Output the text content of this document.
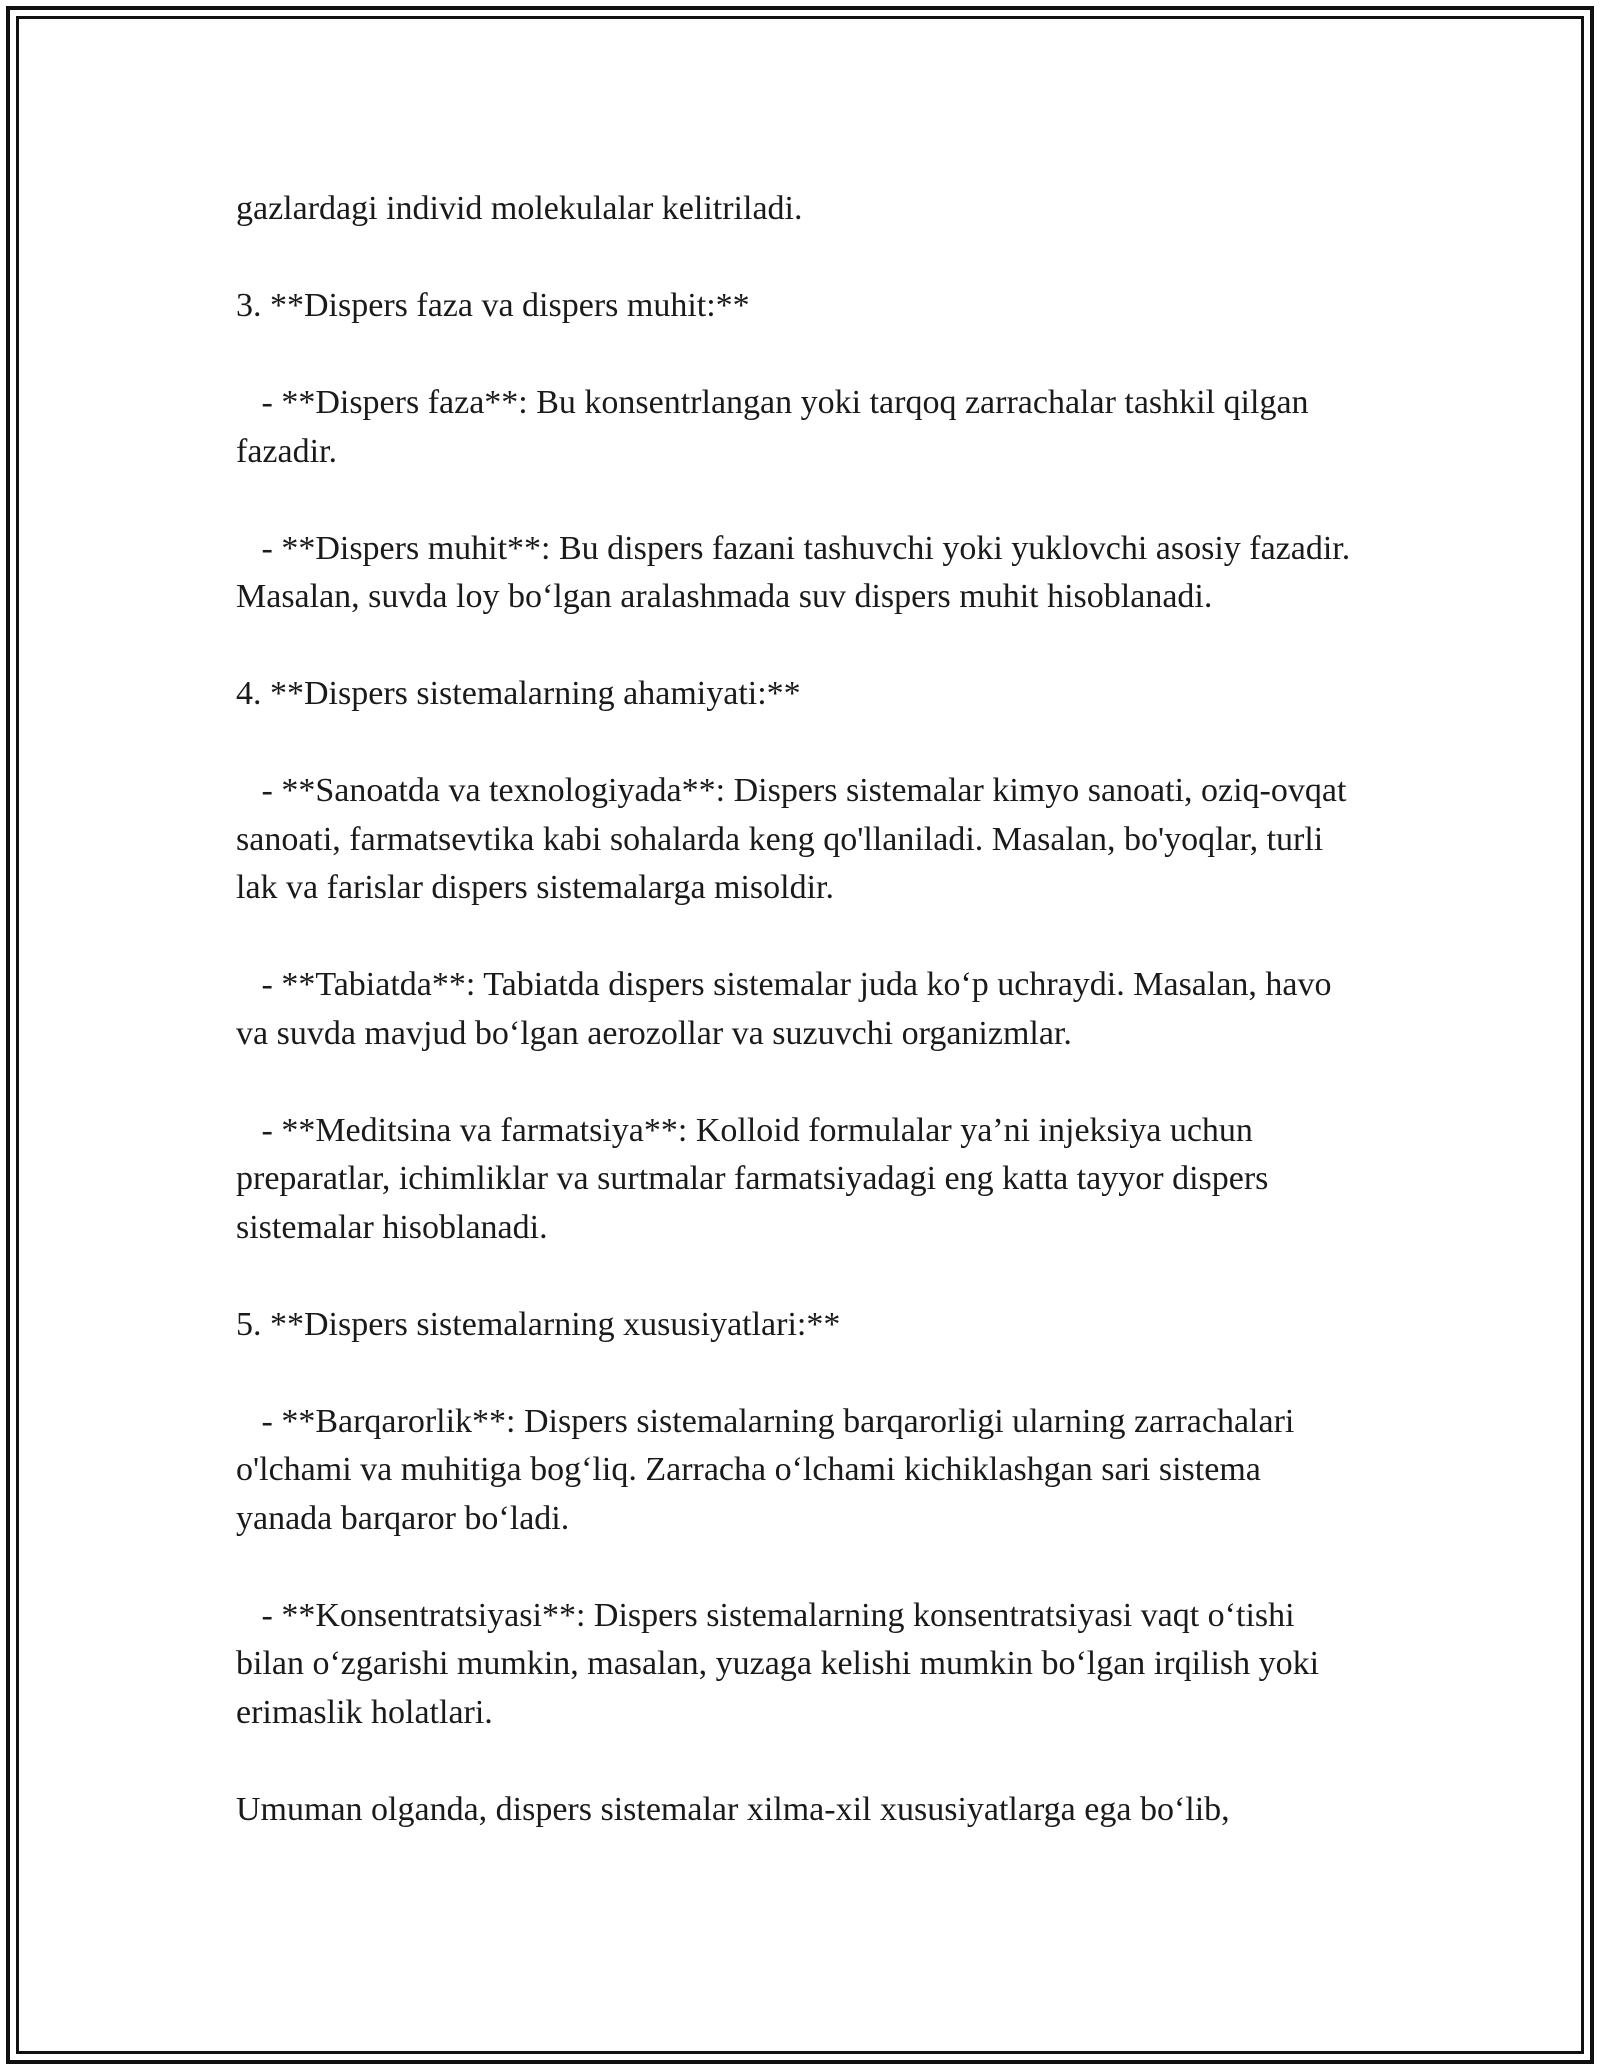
gazlardagi individ molekulalar kelitriladi.

3. **Dispers faza va dispers muhit:**

- **Dispers faza**: Bu konsentrlangan yoki tarqoq zarrachalar tashkil qilgan fazadir.

- **Dispers muhit**: Bu dispers fazani tashuvchi yoki yuklovchi asosiy fazadir. Masalan, suvda loy bo‘lgan aralashmada suv dispers muhit hisoblanadi.

4. **Dispers sistemalarning ahamiyati:**

- **Sanoatda va texnologiyada**: Dispers sistemalar kimyo sanoati, oziq-ovqat sanoati, farmatsevtika kabi sohalarda keng qo'llaniladi. Masalan, bo'yoqlar, turli lak va farislar dispers sistemalarga misoldir.

- **Tabiatda**: Tabiatda dispers sistemalar juda ko‘p uchraydi. Masalan, havo va suvda mavjud bo‘lgan aerozollar va suzuvchi organizmlar.

- **Meditsina va farmatsiya**: Kolloid formulalar ya’ni injeksiya uchun preparatlar, ichimliklar va surtmalar farmatsiyadagi eng katta tayyor dispers sistemalar hisoblanadi.

5. **Dispers sistemalarning xususiyatlari:**

- **Barqarorlik**: Dispers sistemalarning barqarorligi ularning zarrachalari o'lchami va muhitiga bog‘liq. Zarracha o‘lchami kichiklashgan sari sistema yanada barqaror bo‘ladi.

- **Konsentratsiyasi**: Dispers sistemalarning konsentratsiyasi vaqt o‘tishi bilan o‘zgarishi mumkin, masalan, yuzaga kelishi mumkin bo‘lgan irqilish yoki erimaslik holatlari.

Umuman olganda, dispers sistemalar xilma-xil xususiyatlarga ega bo‘lib,
